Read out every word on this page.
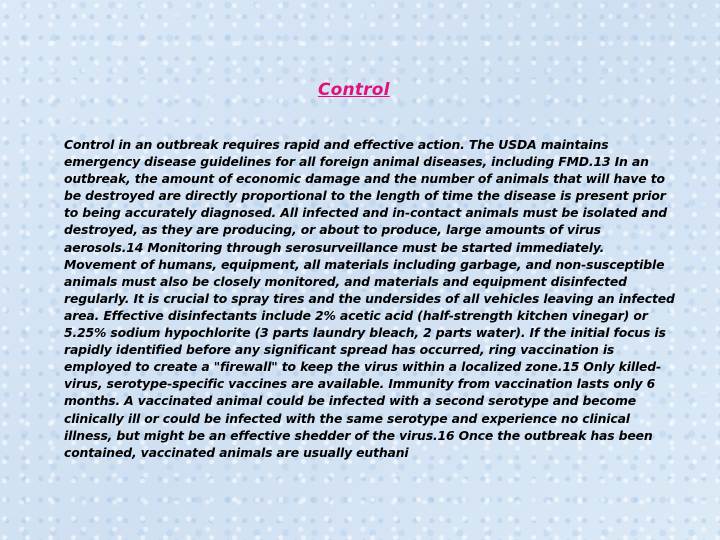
Control

Control in an outbreak requires rapid and effective action. The USDA maintains emergency disease guidelines for all foreign animal diseases, including FMD.13 In an outbreak, the amount of economic damage and the number of animals that will have to be destroyed are directly proportional to the length of time the disease is present prior to being accurately diagnosed. All infected and in-contact animals must be isolated and destroyed, as they are producing, or about to produce, large amounts of virus aerosols.14 Monitoring through serosurveillance must be started immediately. Movement of humans, equipment, all materials including garbage, and non-susceptible animals must also be closely monitored, and materials and equipment disinfected regularly. It is crucial to spray tires and the undersides of all vehicles leaving an infected area. Effective disinfectants include 2% acetic acid (half-strength kitchen vinegar) or 5.25% sodium hypochlorite (3 parts laundry bleach, 2 parts water). If the initial focus is rapidly identified before any significant spread has occurred, ring vaccination is employed to create a "firewall" to keep the virus within a localized zone.15 Only killed-virus, serotype-specific vaccines are available. Immunity from vaccination lasts only 6 months. A vaccinated animal could be infected with a second serotype and become clinically ill or could be infected with the same serotype and experience no clinical illness, but might be an effective shedder of the virus.16 Once the outbreak has been contained, vaccinated animals are usually euthani
